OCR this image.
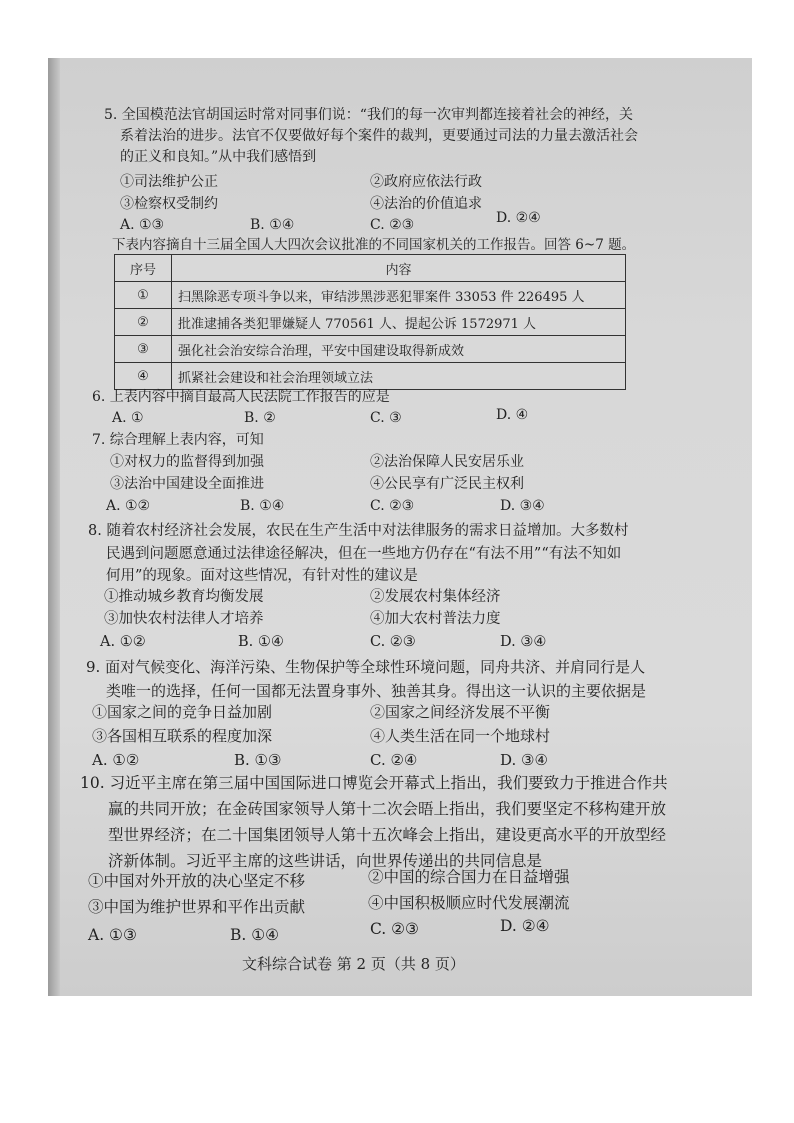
5. 全国模范法官胡国运时常对同事们说：“我们的每一次审判都连接着社会的神经，关
系着法治的进步。法官不仅要做好每个案件的裁判，更要通过司法的力量去激活社会
的正义和良知。”从中我们感悟到
①司法维护公正	②政府应依法行政
③检察权受制约	④法治的价值追求
A. ①③	B. ①④	C. ②③	D. ②④
下表内容摘自十三届全国人大四次会议批准的不同国家机关的工作报告。回答 6~7 题。
序号	内容
①	扫黑除恶专项斗争以来，审结涉黑涉恶犯罪案件 33053 件 226495 人
②	批准逮捕各类犯罪嫌疑人 770561 人、提起公诉 1572971 人
③	强化社会治安综合治理，平安中国建设取得新成效
④	抓紧社会建设和社会治理领域立法
6. 上表内容中摘自最高人民法院工作报告的应是
A. ①	B. ②	C. ③	D. ④
7. 综合理解上表内容，可知
①对权力的监督得到加强	②法治保障人民安居乐业
③法治中国建设全面推进	④公民享有广泛民主权利
A. ①②	B. ①④	C. ②③	D. ③④
8. 随着农村经济社会发展，农民在生产生活中对法律服务的需求日益增加。大多数村
民遇到问题愿意通过法律途径解决，但在一些地方仍存在“有法不用”“有法不知如
何用”的现象。面对这些情况，有针对性的建议是
①推动城乡教育均衡发展	②发展农村集体经济
③加快农村法律人才培养	④加大农村普法力度
A. ①②	B. ①④	C. ②③	D. ③④
9. 面对气候变化、海洋污染、生物保护等全球性环境问题，同舟共济、并肩同行是人
类唯一的选择，任何一国都无法置身事外、独善其身。得出这一认识的主要依据是
①国家之间的竞争日益加剧	②国家之间经济发展不平衡
③各国相互联系的程度加深	④人类生活在同一个地球村
A. ①②	B. ①③	C. ②④	D. ③④
10. 习近平主席在第三届中国国际进口博览会开幕式上指出，我们要致力于推进合作共
赢的共同开放；在金砖国家领导人第十二次会晤上指出，我们要坚定不移构建开放
型世界经济；在二十国集团领导人第十五次峰会上指出，建设更高水平的开放型经
济新体制。习近平主席的这些讲话，向世界传递出的共同信息是
①中国对外开放的决心坚定不移	②中国的综合国力在日益增强
③中国为维护世界和平作出贡献	④中国积极顺应时代发展潮流
A. ①③	B. ①④	C. ②③	D. ②④
文科综合试卷 第 2 页（共 8 页）
